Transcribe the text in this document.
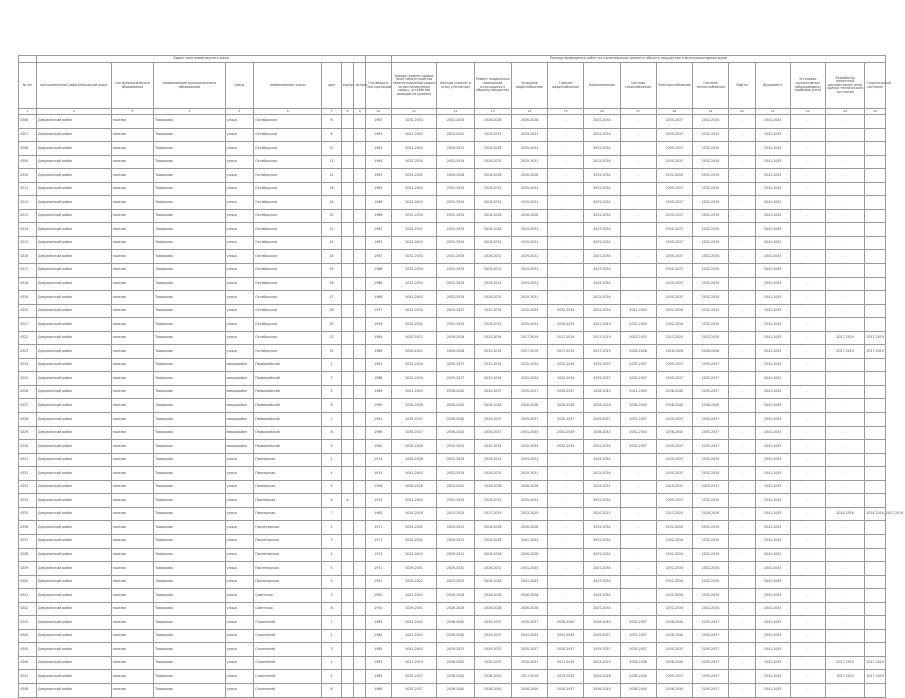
	Адрес многоквартирного дома									Период проведения работ по капитальному ремонту общего имущества в многоквартирном доме													
№ п/п	муниципальный район/городской округ	тип муниципального образования	наименование муниципального образования	улица	наименование улицы	дом	корпус	литера	Год ввода в эксплуатацию	Крыша (ремонт крыши (или) переустройство невентилируемой крыши на вентилируемую крышу, устройство выходов на кровлю)	Фасады (ремонт и (или) утепление)	Ремонт подвальных помещений, относящихся к общему имуществу	Холодное водоснабжение	Горячее водоснабжение	Канализование	Система газоснабжения	Электроснабжение	Система теплоснабжения	Лифты	Фундамент	Установка коллективных (общедомовых) приборов учета	Разработка проектной документации (или) оценки технического состояния	Строительный контроль
1	2	3	4	5	6	7	8	9	10	11	12	13	14	15	16	17	18	19	20	21	22	23	24
4306	Дзержинский район	поселок	Товарково	улица	Октябрьская	6			1967	2032-2034	2032-2034	2026-2028	2026-2028	-	2032-2034	-	2035-2037	2032-2034	-	2041-2043	-	-	
4307	Дзержинский район	поселок	Товарково	улица	Октябрьская	8			1963	2041-2043	2020-2022	2029-2031	2029-2031	-	2032-2034	-	2035-2037	2032-2034	-	2041-2043	-	-	
4308	Дзержинский район	поселок	Товарково	улица	Октябрьская	10			1963	2041-2043	2029-2031	2026-2028	2029-2031	-	2032-2034	-	2035-2037	2032-2034	-	2041-2043	-	-	
4309	Дзержинский район	поселок	Товарково	улица	Октябрьская	12			1964	2032-2034	2032-2034	2029-2031	2029-2031	-	2032-2034	-	2035-2037	2032-2034	-	2041-2043	-	-	
4310	Дзержинский район	поселок	Товарково	улица	Октябрьская	14			1963	2029-2031	2026-2028	2026-2028	2026-2028	-	2032-2034	-	2032-2034	2032-2034	-	2041-2043	-	-	
4311	Дзержинский район	поселок	Товарково	улица	Октябрьская	16			1965	2041-2043	2032-2034	2029-2031	2029-2031	-	2032-2034	-	2035-2037	2032-2034	-	2041-2043	-	-	
4312	Дзержинский район	поселок	Товарково	улица	Октябрьская	18			1966	2041-2043	2032-2034	2029-2031	2029-2031	-	2032-2034	-	2035-2037	2032-2034	-	2041-2043	-	-	
4313	Дзержинский район	поселок	Товарково	улица	Октябрьская	20			1966	2032-2034	2032-2034	2026-2028	2026-2028	-	2032-2034	-	2035-2037	2032-2034	-	2041-2043	-	-	
4314	Дзержинский район	поселок	Товарково	улица	Октябрьская	22			1967	2029-2031	2032-2034	2026-2028	2029-2031	-	2032-2034	-	2035-2037	2032-2034	-	2041-2043	-	-	
4315	Дзержинский район	поселок	Товарково	улица	Октябрьская	24			1967	2041-2043	2032-2034	2029-2031	2029-2031	-	2032-2034	-	2035-2037	2032-2034	-	2041-2043	-	-	
4316	Дзержинский район	поселок	Товарково	улица	Октябрьская	24			1967	2032-2034	2032-2034	2029-2031	2029-2031	-	2032-2034	-	2035-2037	2032-2034	-	2041-2043	-	-	
4317	Дзержинский район	поселок	Товарково	улица	Октябрьская	25			1968	2032-2034	2032-2034	2029-2031	2029-2031	-	2032-2034	-	2035-2037	2032-2034	-	2041-2043	-	-	
4318	Дзержинский район	поселок	Товарково	улица	Октябрьская	26			1968	2032-2034	2032-2034	2029-2031	2029-2031	-	2032-2034	-	2035-2037	2032-2034	-	2041-2043	-	-	
4319	Дзержинский район	поселок	Товарково	улица	Октябрьская	27			1968	2041-2043	2032-2034	2029-2031	2029-2031	-	2032-2034	-	2035-2037	2032-2034	-	2041-2043	-	-	
4320	Дзержинский район	поселок	Товарково	улица	Октябрьская	28			1977	2032-2034	2035-2037	2032-2034	2032-2034	2032-2034	2032-2034	2041-2043	2032-2034	2032-2034	-	2041-2043	-	-	
4321	Дзержинский район	поселок	Товарково	улица	Октябрьская	30			1978	2029-2031	2032-2034	2029-2031	2029-2031	2029-2031	2041-2043	2032-2034	2032-2034	2032-2034	-	2041-2043	-	-	
4322	Дзержинский район	поселок	Товарково	улица	Октябрьская	31			1984	2020-2022	2026-2028	2032-2034	2017-2019	2017-2019	2017-2019	2023-2025	2023-2025	2023-2025	-	2041-2043	-	2017-2019	2017-2019
4323	Дзержинский район	поселок	Товарково	улица	Октябрьская	32			1986	2020-2022	2026-2028	2032-2034	2017-2019	2017-2019	2017-2019	2026-2028	2026-2028	2026-2028	-	2041-2043	-	2017-2019	2017-2019
4324	Дзержинский район	поселок	Товарково	микрорайон	Первомайский	2			1967	2032-2034	2035-2037	2032-2034	2032-2034	2032-2034	2035-2037	2035-2037	2035-2037	2035-2037	-	2041-2043	-	-	
4325	Дзержинский район	поселок	Товарково	микрорайон	Первомайский	3			1988	2032-2034	2035-2037	2032-2034	2032-2034	2032-2034	2035-2037	2035-2037	2035-2037	2035-2037	-	2041-2043	-	-	
4326	Дзержинский район	поселок	Товарково	микрорайон	Первомайский	5			1989	2041-2043	2038-2040	2035-2037	2035-2037	2035-2037	2038-2040	2041-2043	2038-2040	2035-2037	-	2041-2043	-	-	
4327	Дзержинский район	поселок	Товарково	микрорайон	Первомайский	6			1990	2026-2028	2038-2040	2026-2028	2026-2028	2026-2028	2026-2028	2038-2040	2038-2040	2038-2040	-	2041-2043	-	-	
4328	Дзержинский район	поселок	Товарково	микрорайон	Первомайский	7			1991	2035-2037	2038-2040	2035-2037	2035-2037	2035-2037	2035-2037	2035-2037	2035-2037	2035-2037	-	2041-2043	-	-	
4329	Дзержинский район	поселок	Товарково	микрорайон	Первомайский	8			1998	2035-2037	2038-2040	2035-2037	2041-2043	2041-2043	2038-2040	2041-2043	2038-2040	2035-2037	-	2041-2043	-	-	
4330	Дзержинский район	поселок	Товарково	микрорайон	Первомайский	9			1990	2026-2028	2032-2034	2032-2034	2032-2034	2032-2034	2032-2034	2035-2037	2035-2037	2035-2037	-	2041-2043	-	-	
4331	Дзержинский район	поселок	Товарково	улица	Пионерская	2			1974	2026-2028	2032-2034	2029-2031	2029-2031	-	2032-2034	-	2035-2037	2032-2034	-	2041-2043	-	-	
4332	Дзержинский район	поселок	Товарково	улица	Пионерская	4			1974	2041-2043	2032-2034	2029-2031	2029-2031	-	2032-2034	-	2035-2037	2032-2034	-	2041-2043	-	-	
4333	Дзержинский район	поселок	Товарково	улица	Пионерская	5			1958	2026-2028	2020-2022	2026-2028	2026-2028	-	2029-2031	-	2029-2031	2029-2031	-	2041-2043	-	-	
4334	Дзержинский район	поселок	Товарково	улица	Пионерская	6	А		1974	2041-2043	2032-2034	2029-2031	2029-2031	-	2032-2034	-	2035-2037	2032-2034	-	2041-2043	-	-	
4335	Дзержинский район	поселок	Товарково	улица	Пионерская	7			1962	2014-2016	2023-2025	2017-2019	2023-2025	-	2020-2022	-	2023-2025	2026-2028	-	2041-2043	-	2014-2016	2014-2016, 2017-2019
4336	Дзержинский район	поселок	Товарково	улица	Пролетарская	2			1971	2029-2031	2029-2031	2026-2028	2026-2028	-	2032-2034	-	2032-2034	2032-2034	-	2041-2043	-	-	
4337	Дзержинский район	поселок	Товарково	улица	Пролетарская	3			1971	2029-2031	2029-2031	2026-2028	2041-2043	-	2032-2034	-	2032-2034	2032-2034	-	2041-2043	-	-	
4338	Дзержинский район	поселок	Товарково	улица	Пролетарская	4			1972	2041-2043	2029-2031	2026-2028	2026-2028	-	2032-2034	-	2032-2034	2032-2034	-	2041-2043	-	-	
4339	Дзержинский район	поселок	Товарково	улица	Пролетарская	5			1971	2029-2031	2029-2031	2029-2031	2041-2043	-	2032-2034	-	2032-2034	2032-2034	-	2041-2043	-	-	
4340	Дзержинский район	поселок	Товарково	улица	Пролетарская	9			1951	2020-2022	2023-2025	2026-2028	2041-2043	-	2032-2034	-	2032-2034	2032-2034	-	2041-2043	-	-	
4341	Дзержинский район	поселок	Товарково	улица	Советская	3			1950	2041-2043	2026-2028	2026-2028	2026-2028	-	2032-2034	-	2032-2034	2032-2034	-	2041-2043	-	-	
4342	Дзержинский район	поселок	Товарково	улица	Советская	8			1970	2029-2031	2026-2028	2026-2028	2026-2028	-	2032-2034	-	2032-2034	2032-2034	-	2041-2043	-	-	
4343	Дзержинский район	поселок	Товарково	улица	Строителей	1			1985	2041-2043	2038-2040	2035-2037	2035-2037	2038-2040	2038-2040	2035-2037	2038-2040	2035-2037	-	2041-2043	-	-	
4344	Дзержинский район	поселок	Товарково	улица	Строителей	2			1985	2041-2043	2038-2040	2035-2037	2041-2043	2041-2043	2035-2037	2035-2037	2038-2040	2035-2037	-	2041-2043	-	-	
4345	Дзержинский район	поселок	Товарково	улица	Строителей	3			1985	2041-2043	2035-2037	2035-2037	2035-2037	2035-2037	2035-2037	2035-2037	2035-2037	2035-2037	-	2041-2043	-	-	
4346	Дзержинский район	поселок	Товарково	улица	Строителей	4			1983	2017-2019	2038-2040	2035-2037	2035-2037	2017-2019	2023-2025	2026-2028	2038-2040	2035-2037	-	2041-2043	-	2017-2019	2017-2019
4347	Дзержинский район	поселок	Товарково	улица	Строителей	5			1985	2035-2037	2038-2040	2038-2040	2017-2019	2023-2025	2026-2028	2038-2040	2035-2037	2035-2037	-	2041-2043	-	2017-2019	2017-2019
4348	Дзержинский район	поселок	Товарково	улица	Строителей	6			1986	2035-2037	2038-2040	2038-2040	2038-2040	2035-2037	2038-2040	2038-2040	2038-2040	2035-2037	-	2041-2043	-	-	
